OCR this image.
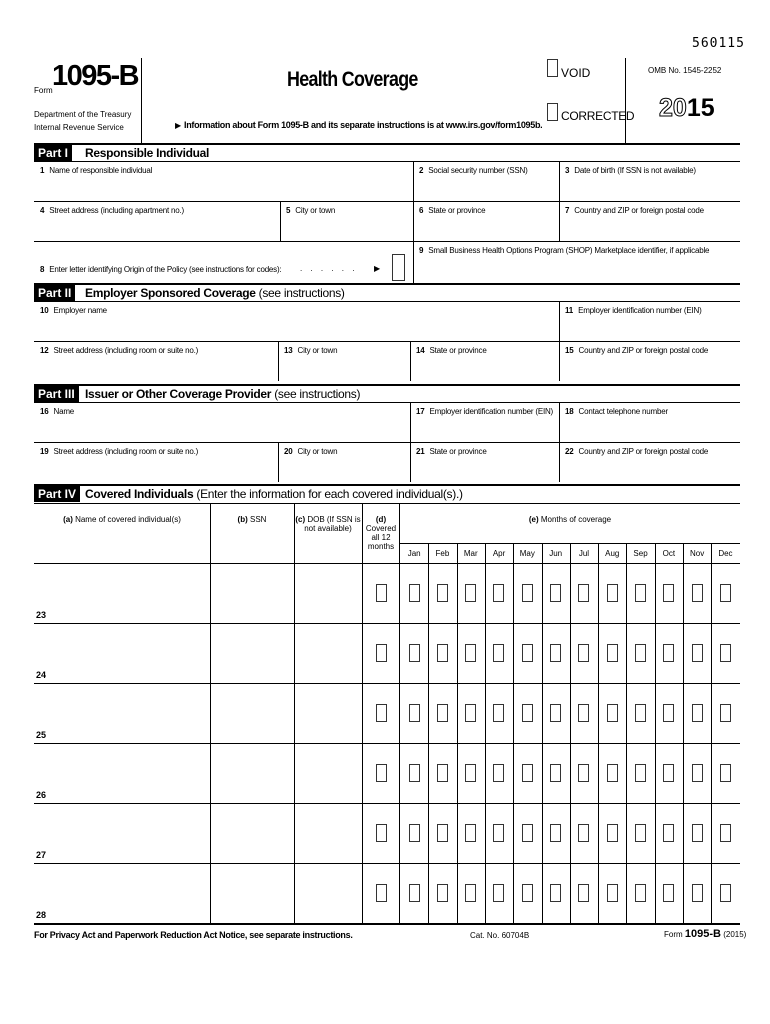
560115
Form 1095-B
Department of the Treasury
Internal Revenue Service
Health Coverage
▶ Information about Form 1095-B and its separate instructions is at www.irs.gov/form1095b.
VOID
CORRECTED
OMB No. 1545-2252
2015
Part I	Responsible Individual
1 Name of responsible individual	2 Social security number (SSN)	3 Date of birth (If SSN is not available)
4 Street address (including apartment no.)	5 City or town	6 State or province	7 Country and ZIP or foreign postal code
9 Small Business Health Options Program (SHOP) Marketplace identifier, if applicable
8 Enter letter identifying Origin of the Policy (see instructions for codes): . . . . . . ▶
Part II	Employer Sponsored Coverage (see instructions)
10 Employer name	11 Employer identification number (EIN)
12 Street address (including room or suite no.)	13 City or town	14 State or province	15 Country and ZIP or foreign postal code
Part III Issuer or Other Coverage Provider (see instructions)
16 Name	17 Employer identification number (EIN) 18 Contact telephone number
19 Street address (including room or suite no.)	20 City or town	21 State or province	22 Country and ZIP or foreign postal code
Part IV Covered Individuals (Enter the information for each covered individual(s).)
(a) Name of covered individual(s)	(b) SSN	(c) DOB (If SSN is not available)
(d) Covered all 12 months
(e) Months of coverage
Jan	Feb	Mar	Apr	May	Jun	Jul	Aug	Sep	Oct	Nov	Dec
23
24
25
26
27
28
For Privacy Act and Paperwork Reduction Act Notice, see separate instructions.	Cat. No. 60704B	Form 1095-B (2015)
